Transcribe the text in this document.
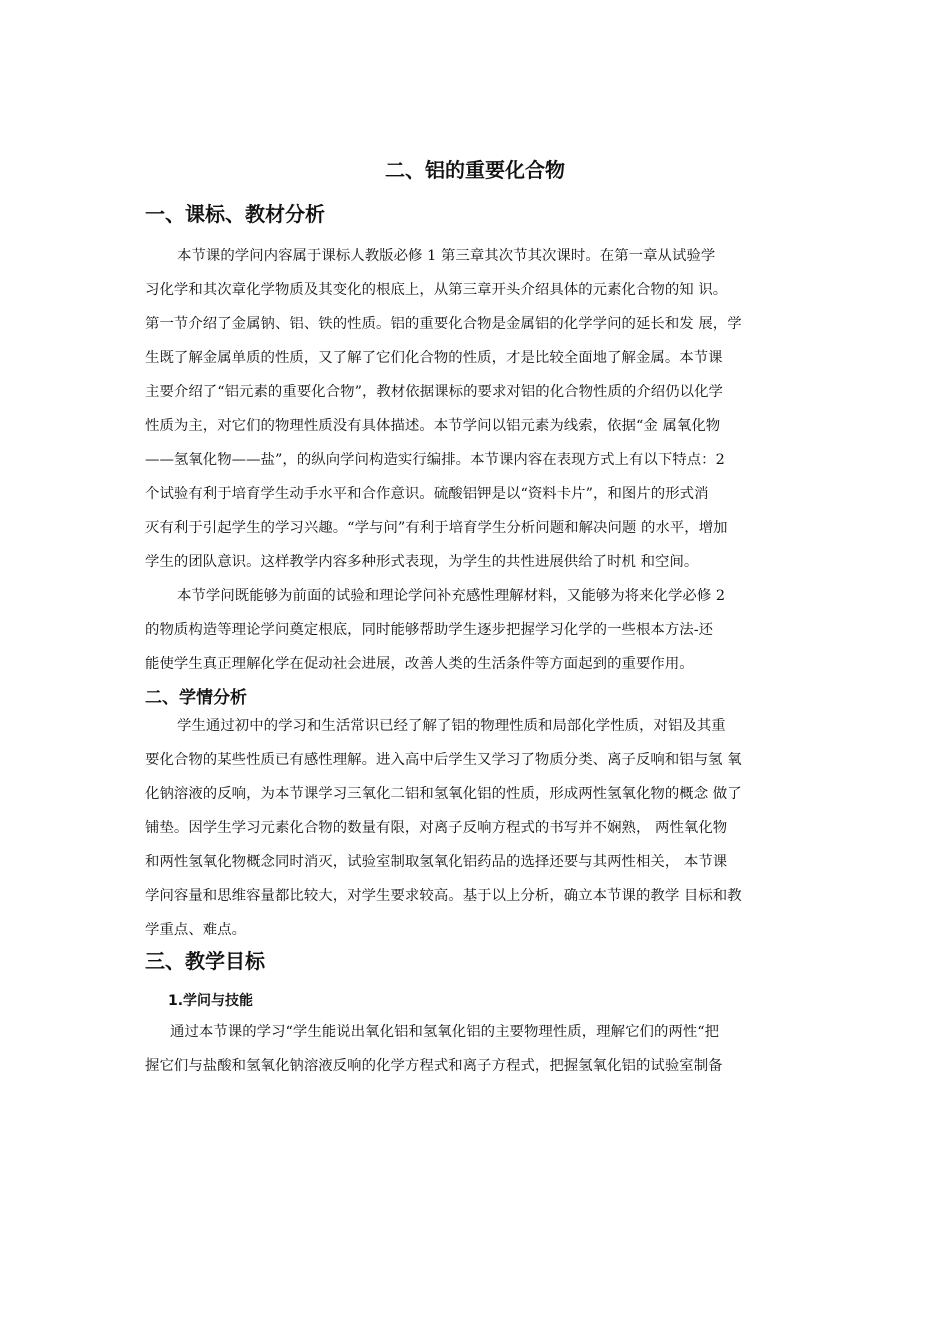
二、铝的重要化合物
一、课标、教材分析
本节课的学问内容属于课标人教版必修 1 第三章其次节其次课时。在第一章从试验学
习化学和其次章化学物质及其变化的根底上，从第三章开头介绍具体的元素化合物的知 识。
第一节介绍了金属钠、铝、铁的性质。铝的重要化合物是金属铝的化学学问的延长和发 展，学
生既了解金属单质的性质，又了解了它们化合物的性质，才是比较全面地了解金属。本节课
主要介绍了“铝元素的重要化合物”，教材依据课标的要求对铝的化合物性质的介绍仍以化学
性质为主，对它们的物理性质没有具体描述。本节学问以铝元素为线索，依据“金 属氧化物
——氢氧化物——盐”，的纵向学问构造实行编排。本节课内容在表现方式上有以下特点：2
个试验有利于培育学生动手水平和合作意识。硫酸铝钾是以“资料卡片”，和图片的形式消
灭有利于引起学生的学习兴趣。“学与问”有利于培育学生分析问题和解决问题 的水平，增加
学生的团队意识。这样教学内容多种形式表现，为学生的共性进展供给了时机 和空间。
本节学问既能够为前面的试验和理论学问补充感性理解材料，又能够为将来化学必修 2
的物质构造等理论学问奠定根底，同时能够帮助学生逐步把握学习化学的一些根本方法-还
能使学生真正理解化学在促动社会进展，改善人类的生活条件等方面起到的重要作用。
二、学情分析
学生通过初中的学习和生活常识已经了解了铝的物理性质和局部化学性质，对铝及其重
要化合物的某些性质已有感性理解。进入高中后学生又学习了物质分类、离子反响和铝与氢 氧
化钠溶液的反响，为本节课学习三氧化二铝和氢氧化铝的性质，形成两性氢氧化物的概念 做了
铺垫。因学生学习元素化合物的数量有限，对离子反响方程式的书写并不娴熟， 两性氧化物
和两性氢氧化物概念同时消灭，试验室制取氢氧化铝药品的选择还要与其两性相关， 本节课
学问容量和思维容量都比较大，对学生要求较高。基于以上分析，确立本节课的教学 目标和教
学重点、难点。
三、教学目标
1.学问与技能
通过本节课的学习“学生能说出氧化铝和氢氧化铝的主要物理性质，理解它们的两性“把
握它们与盐酸和氢氧化钠溶液反响的化学方程式和离子方程式，把握氢氧化铝的试验室制备
